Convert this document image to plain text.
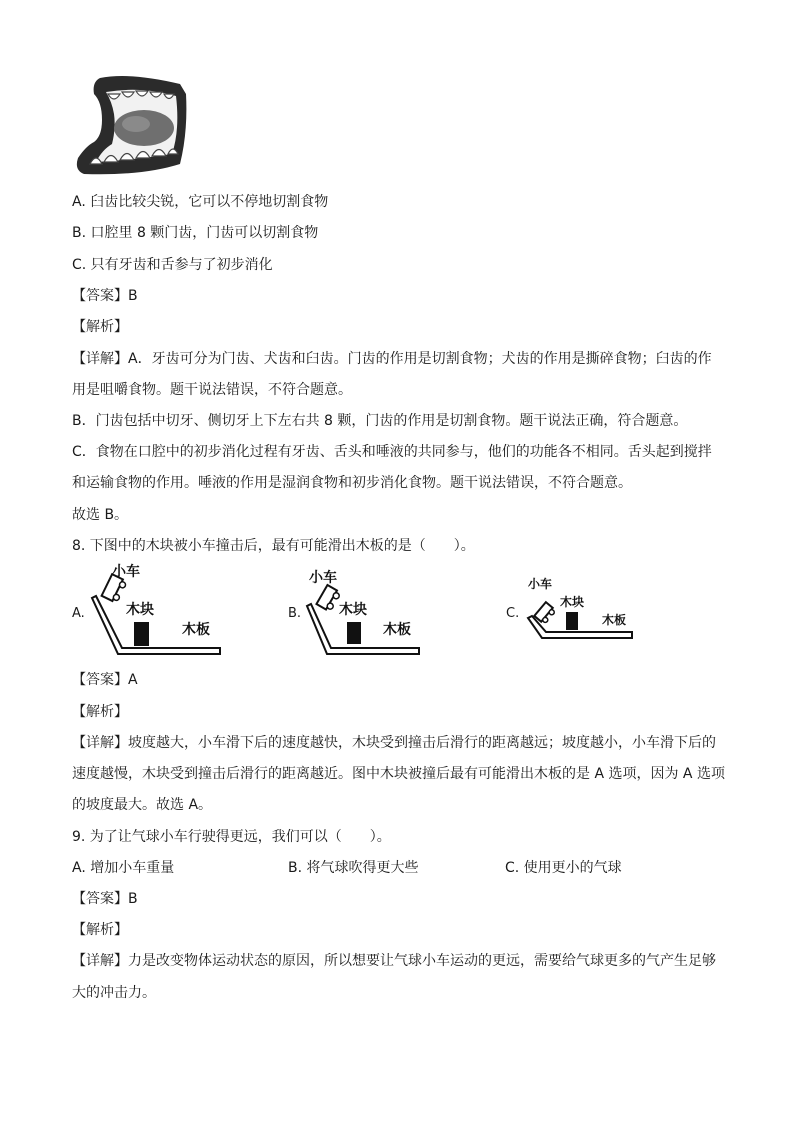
A. 臼齿比较尖锐，它可以不停地切割食物
B. 口腔里 8 颗门齿，门齿可以切割食物
C. 只有牙齿和舌参与了初步消化
【答案】B
【解析】
【详解】A．牙齿可分为门齿、犬齿和臼齿。门齿的作用是切割食物；犬齿的作用是撕碎食物；臼齿的作
用是咀嚼食物。题干说法错误，不符合题意。
B．门齿包括中切牙、侧切牙上下左右共 8 颗，门齿的作用是切割食物。题干说法正确，符合题意。
C．食物在口腔中的初步消化过程有牙齿、舌头和唾液的共同参与，他们的功能各不相同。舌头起到搅拌
和运输食物的作用。唾液的作用是湿润食物和初步消化食物。题干说法错误，不符合题意。
故选 B。
8. 下图中的木块被小车撞击后，最有可能滑出木板的是（　　）。
A.
小车
木块
木板
B.
小车
木块
木板
C.
小车
木块
木板
【答案】A
【解析】
【详解】坡度越大，小车滑下后的速度越快，木块受到撞击后滑行的距离越远；坡度越小，小车滑下后的
速度越慢，木块受到撞击后滑行的距离越近。图中木块被撞后最有可能滑出木板的是 A 选项，因为 A 选项
的坡度最大。故选 A。
9. 为了让气球小车行驶得更远，我们可以（　　）。
A. 增加小车重量	B. 将气球吹得更大些	C. 使用更小的气球
【答案】B
【解析】
【详解】力是改变物体运动状态的原因，所以想要让气球小车运动的更远，需要给气球更多的气产生足够
大的冲击力。
